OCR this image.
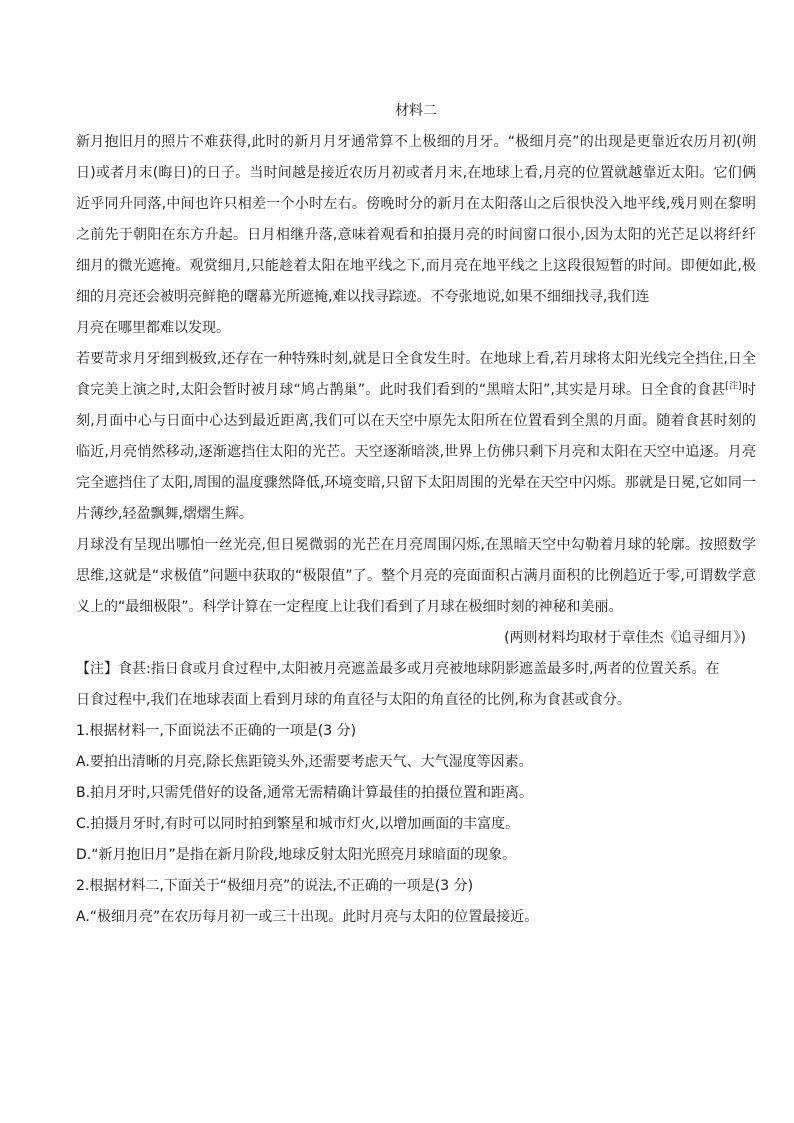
材料二

新月抱旧月的照片不难获得,此时的新月月牙通常算不上极细的月牙。“极细月亮”的出现是更靠近农历月初(朔日)或者月末(晦日)的日子。当时间越是接近农历月初或者月末,在地球上看,月亮的位置就越靠近太阳。它们俩近乎同升同落,中间也许只相差一个小时左右。傍晚时分的新月在太阳落山之后很快没入地平线,残月则在黎明之前先于朝阳在东方升起。日月相继升落,意味着观看和拍摄月亮的时间窗口很小,因为太阳的光芒足以将纤纤细月的微光遮掩。观赏细月,只能趁着太阳在地平线之下,而月亮在地平线之上这段很短暂的时间。即便如此,极细的月亮还会被明亮鲜艳的曙幕光所遮掩,难以找寻踪迹。不夸张地说,如果不细细找寻,我们连

月亮在哪里都难以发现。

若要苛求月牙细到极致,还存在一种特殊时刻,就是日全食发生时。在地球上看,若月球将太阳光线完全挡住,日全食完美上演之时,太阳会暂时被月球“鸠占鹊巢”。此时我们看到的“黑暗太阳”,其实是月球。日全食的食甚[注]时刻,月面中心与日面中心达到最近距离,我们可以在天空中原先太阳所在位置看到全黑的月面。随着食甚时刻的临近,月亮悄然移动,逐渐遮挡住太阳的光芒。天空逐渐暗淡,世界上仿佛只剩下月亮和太阳在天空中追逐。月亮完全遮挡住了太阳,周围的温度骤然降低,环境变暗,只留下太阳周围的光晕在天空中闪烁。那就是日冕,它如同一片薄纱,轻盈飘舞,熠熠生辉。

月球没有呈现出哪怕一丝光亮,但日冕微弱的光芒在月亮周围闪烁,在黑暗天空中勾勒着月球的轮廓。按照数学思维,这就是“求极值”问题中获取的“极限值”了。整个月亮的亮面面积占满月面积的比例趋近于零,可谓数学意义上的“最细极限”。科学计算在一定程度上让我们看到了月球在极细时刻的神秘和美丽。

(两则材料均取材于章佳杰《追寻细月》)

【注】食甚:指日食或月食过程中,太阳被月亮遮盖最多或月亮被地球阴影遮盖最多时,两者的位置关系。在

日食过程中,我们在地球表面上看到月球的角直径与太阳的角直径的比例,称为食甚或食分。

1.根据材料一,下面说法不正确的一项是(3 分)

A.要拍出清晰的月亮,除长焦距镜头外,还需要考虑天气、大气湿度等因素。

B.拍月牙时,只需凭借好的设备,通常无需精确计算最佳的拍摄位置和距离。

C.拍摄月牙时,有时可以同时拍到繁星和城市灯火,以增加画面的丰富度。

D.“新月抱旧月”是指在新月阶段,地球反射太阳光照亮月球暗面的现象。

2.根据材料二,下面关于“极细月亮”的说法,不正确的一项是(3 分)

A.“极细月亮”在农历每月初一或三十出现。此时月亮与太阳的位置最接近。
